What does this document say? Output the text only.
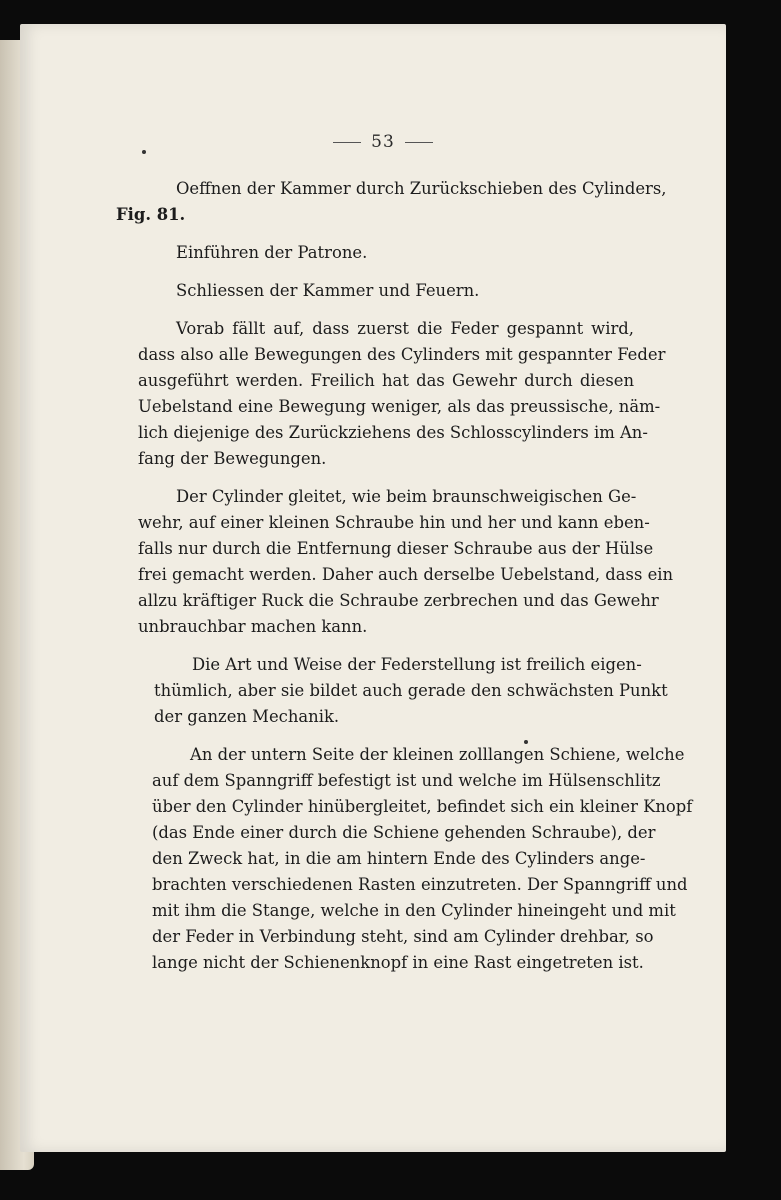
53
Oeffnen der Kammer durch Zurückschieben des Cylinders,
Fig. 81.
Einführen der Patrone.
Schliessen der Kammer und Feuern.
Vorab fällt auf, dass zuerst die Feder gespannt wird,
dass also alle Bewegungen des Cylinders mit gespannter Feder
ausgeführt werden. Freilich hat das Gewehr durch diesen
Uebelstand eine Bewegung weniger, als das preussische, näm-
lich diejenige des Zurückziehens des Schlosscylinders im An-
fang der Bewegungen.
Der Cylinder gleitet, wie beim braunschweigischen Ge-
wehr, auf einer kleinen Schraube hin und her und kann eben-
falls nur durch die Entfernung dieser Schraube aus der Hülse
frei gemacht werden. Daher auch derselbe Uebelstand, dass ein
allzu kräftiger Ruck die Schraube zerbrechen und das Gewehr
unbrauchbar machen kann.
Die Art und Weise der Federstellung ist freilich eigen-
thümlich, aber sie bildet auch gerade den schwächsten Punkt
der ganzen Mechanik.
An der untern Seite der kleinen zolllangen Schiene, welche
auf dem Spanngriff befestigt ist und welche im Hülsenschlitz
über den Cylinder hinübergleitet, befindet sich ein kleiner Knopf
(das Ende einer durch die Schiene gehenden Schraube), der
den Zweck hat, in die am hintern Ende des Cylinders ange-
brachten verschiedenen Rasten einzutreten. Der Spanngriff und
mit ihm die Stange, welche in den Cylinder hineingeht und mit
der Feder in Verbindung steht, sind am Cylinder drehbar, so
lange nicht der Schienenknopf in eine Rast eingetreten ist.
